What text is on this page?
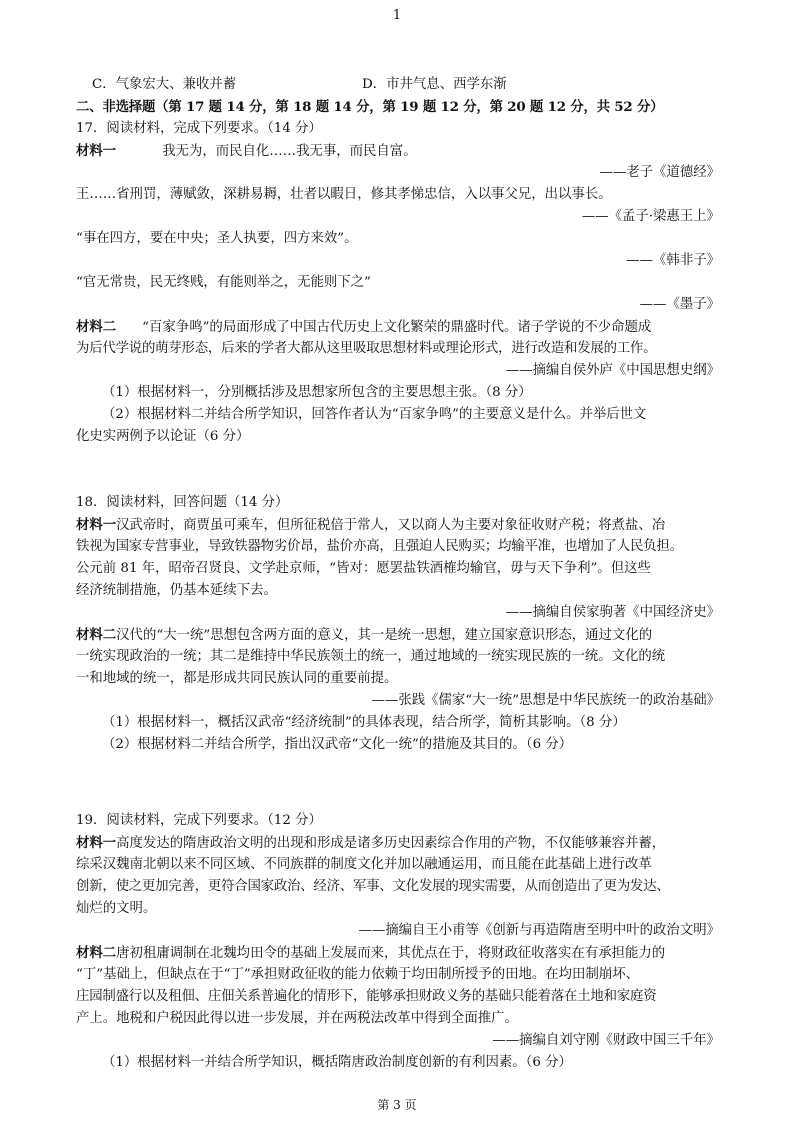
1
C．气象宏大、兼收并蓄	D．市井气息、西学东渐
二、非选择题（第 17 题 14 分，第 18 题 14 分，第 19 题 12 分，第 20 题 12 分，共 52 分）
17．阅读材料，完成下列要求。（14 分）
材料一	我无为，而民自化……我无事，而民自富。
——老子《道德经》
王……省刑罚，薄赋敛，深耕易耨，壮者以暇日，修其孝悌忠信，入以事父兄，出以事长。
——《孟子·梁惠王上》
“事在四方，要在中央；圣人执要，四方来效”。
——《韩非子》
“官无常贵，民无终贱，有能则举之，无能则下之”
——《墨子》
材料二 “百家争鸣”的局面形成了中国古代历史上文化繁荣的鼎盛时代。诸子学说的不少命题成
为后代学说的萌芽形态，后来的学者大都从这里吸取思想材料或理论形式，进行改造和发展的工作。
——摘编自侯外庐《中国思想史纲》
（1）根据材料一，分别概括涉及思想家所包含的主要思想主张。（8 分）
（2）根据材料二并结合所学知识，回答作者认为“百家争鸣”的主要意义是什么。并举后世文
化史实两例予以论证（6 分）
18．阅读材料，回答问题（14 分）
材料一汉武帝时，商贾虽可乘车，但所征税倍于常人，又以商人为主要对象征收财产税；将煮盐、冶
铁视为国家专营事业，导致铁器物劣价昂，盐价亦高，且强迫人民购买；均输平准，也增加了人民负担。
公元前 81 年，昭帝召贤良、文学赴京师，“皆对：愿罢盐铁酒榷均输官，毋与天下争利”。但这些
经济统制措施，仍基本延续下去。
——摘编自侯家驹著《中国经济史》
材料二汉代的“大一统”思想包含两方面的意义，其一是统一思想，建立国家意识形态，通过文化的
一统实现政治的一统；其二是维持中华民族领土的统一，通过地域的一统实现民族的一统。文化的统
一和地域的统一，都是形成共同民族认同的重要前提。
——张践《儒家“大一统”思想是中华民族统一的政治基础》
（1）根据材料一，概括汉武帝“经济统制”的具体表现，结合所学，简析其影响。（8 分）
（2）根据材料二并结合所学，指出汉武帝“文化一统”的措施及其目的。（6 分）
19．阅读材料，完成下列要求。（12 分）
材料一高度发达的隋唐政治文明的出现和形成是诸多历史因素综合作用的产物，不仅能够兼容并蓄，
综采汉魏南北朝以来不同区域、不同族群的制度文化并加以融通运用，而且能在此基础上进行改革
创新，使之更加完善，更符合国家政治、经济、军事、文化发展的现实需要，从而创造出了更为发达、
灿烂的文明。
——摘编自王小甫等《创新与再造隋唐至明中叶的政治文明》
材料二唐初租庸调制在北魏均田令的基础上发展而来，其优点在于，将财政征收落实在有承担能力的
“丁”基础上，但缺点在于“丁”承担财政征收的能力依赖于均田制所授予的田地。在均田制崩坏、
庄园制盛行以及租佃、庄佃关系普遍化的情形下，能够承担财政义务的基础只能着落在土地和家庭资
产上。地税和户税因此得以进一步发展，并在两税法改革中得到全面推广。
——摘编自刘守刚《财政中国三千年》
（1）根据材料一并结合所学知识，概括隋唐政治制度创新的有利因素。（6 分）
第 3 页
